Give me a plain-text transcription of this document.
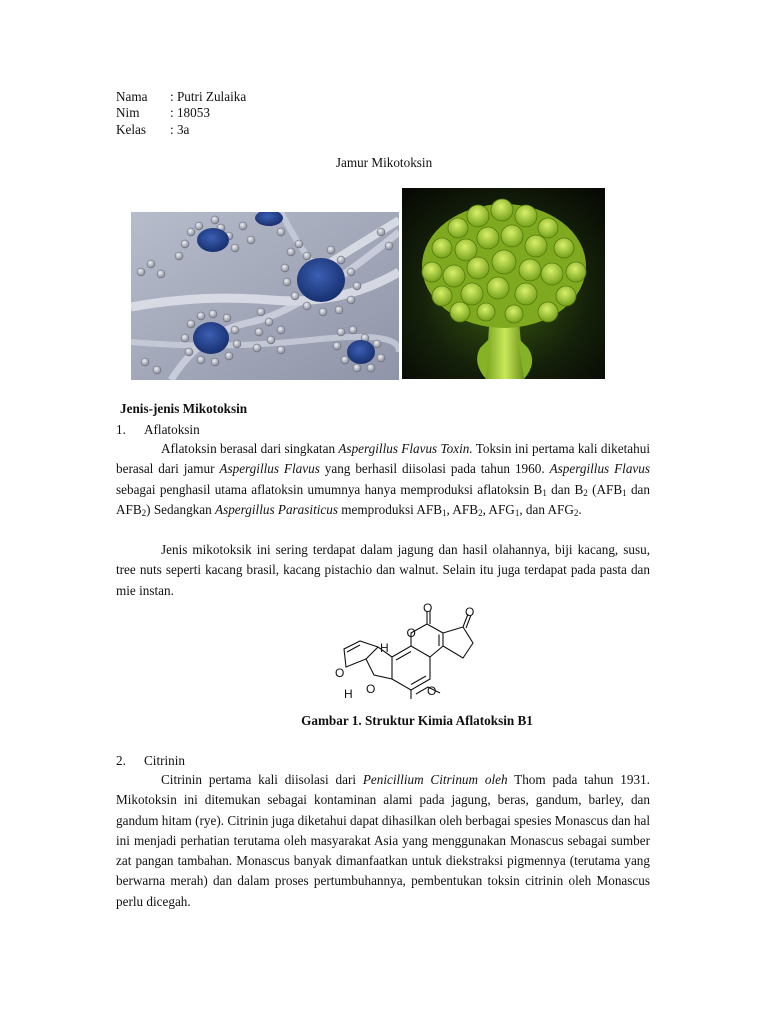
Nama : Putri Zulaika
Nim : 18053
Kelas : 3a
Jamur Mikotoksin
Jenis-jenis Mikotoksin
1. Aflatoksin

Aflatoksin berasal dari singkatan Aspergillus Flavus Toxin. Toksin ini pertama kali diketahui berasal dari jamur Aspergillus Flavus yang berhasil diisolasi pada tahun 1960. Aspergillus Flavus sebagai penghasil utama aflatoksin umumnya hanya memproduksi aflatoksin $B_1$ dan $B_2$ ($AFB_1$ dan $AFB_2$) Sedangkan Aspergillus Parasiticus memproduksi $AFB_1$, $AFB_2$, $AFG_1$, dan $AFG_2$.

Jenis mikotoksik ini sering terdapat dalam jagung dan hasil olahannya, biji kacang, susu, tree nuts seperti kacang brasil, kacang pistachio dan walnut. Selain itu juga terdapat pada pasta dan mie instan.

O
O	O
O
O	O
H
H
Gambar 1. Struktur Kimia Aflatoksin B1
2. Citrinin

Citrinin pertama kali diisolasi dari Penicillium Citrinum oleh Thom pada tahun 1931. Mikotoksin ini ditemukan sebagai kontaminan alami pada jagung, beras, gandum, barley, dan gandum hitam (rye). Citrinin juga diketahui dapat dihasilkan oleh berbagai spesies Monascus dan hal ini menjadi perhatian terutama oleh masyarakat Asia yang menggunakan Monascus sebagai sumber zat pangan tambahan. Monascus banyak dimanfaatkan untuk diekstraksi pigmennya (terutama yang berwarna merah) dan dalam proses pertumbuhannya, pembentukan toksin citrinin oleh Monascus perlu dicegah.
